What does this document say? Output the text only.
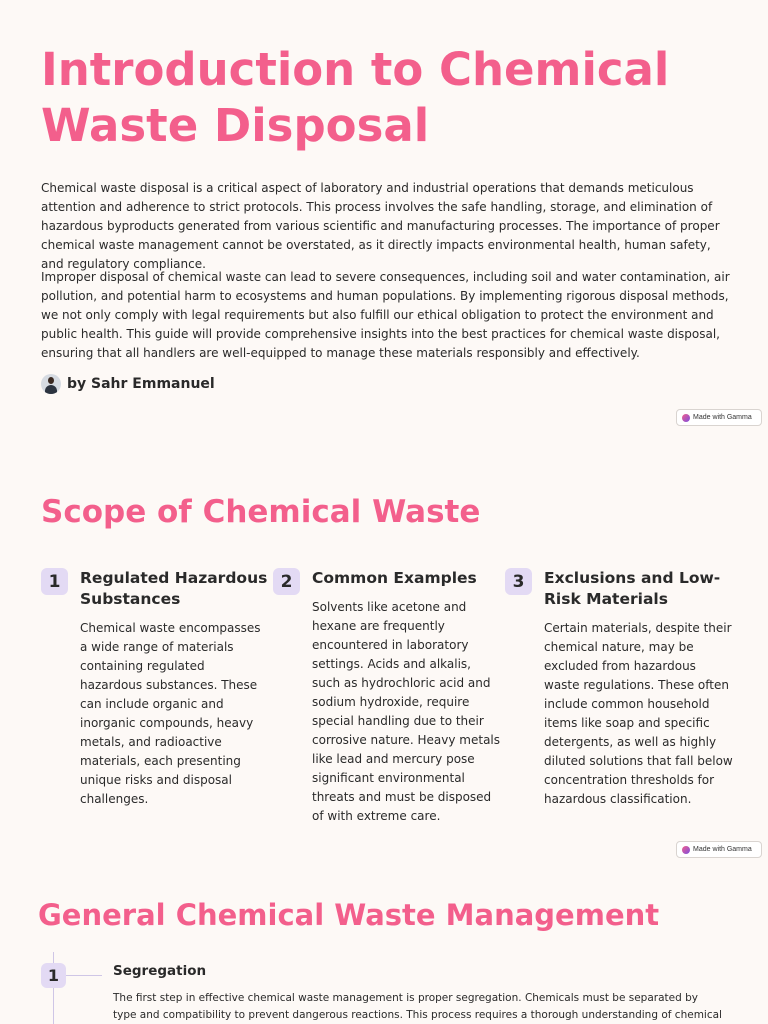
Introduction to Chemical Waste Disposal

Chemical waste disposal is a critical aspect of laboratory and industrial operations that demands meticulous attention and adherence to strict protocols. This process involves the safe handling, storage, and elimination of hazardous byproducts generated from various scientific and manufacturing processes. The importance of proper chemical waste management cannot be overstated, as it directly impacts environmental health, human safety, and regulatory compliance.

Improper disposal of chemical waste can lead to severe consequences, including soil and water contamination, air pollution, and potential harm to ecosystems and human populations. By implementing rigorous disposal methods, we not only comply with legal requirements but also fulfill our ethical obligation to protect the environment and public health. This guide will provide comprehensive insights into the best practices for chemical waste disposal, ensuring that all handlers are well-equipped to manage these materials responsibly and effectively.

by Sahr Emmanuel
Made with Gamma
Scope of Chemical Waste
1	Regulated Hazardous Substances
Chemical waste encompasses a wide range of materials containing regulated hazardous substances. These can include organic and inorganic compounds, heavy metals, and radioactive materials, each presenting unique risks and disposal challenges.
2	Common Examples
Solvents like acetone and hexane are frequently encountered in laboratory settings. Acids and alkalis, such as hydrochloric acid and sodium hydroxide, require special handling due to their corrosive nature. Heavy metals like lead and mercury pose significant environmental threats and must be disposed of with extreme care.
3	Exclusions and Low-Risk Materials
Certain materials, despite their chemical nature, may be excluded from hazardous waste regulations. These often include common household items like soap and specific detergents, as well as highly diluted solutions that fall below concentration thresholds for hazardous classification.
Made with Gamma
General Chemical Waste Management
1	Segregation
The first step in effective chemical waste management is proper segregation. Chemicals must be separated by type and compatibility to prevent dangerous reactions. This process requires a thorough understanding of chemical
